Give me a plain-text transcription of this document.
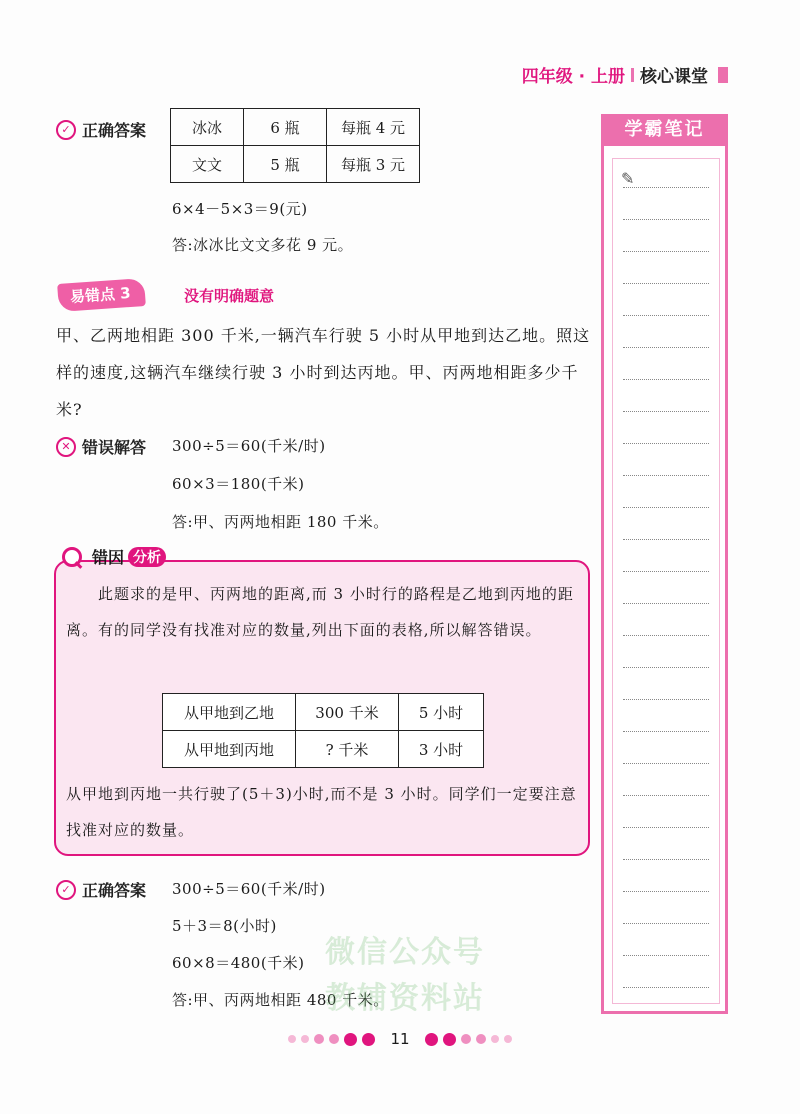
四年级 · 上册 核心课堂
✓ 正确答案	冰冰	6 瓶	每瓶 4 元
文文	5 瓶	每瓶 3 元
6×4－5×3＝9(元)
答:冰冰比文文多花 9 元。
易错点 3	没有明确题意
甲、乙两地相距 300 千米,一辆汽车行驶 5 小时从甲地到达乙地。照这样的速度,这辆汽车继续行驶 3 小时到达丙地。甲、丙两地相距多少千米?
✕ 错误解答 300÷5＝60(千米/时)
60×3＝180(千米)
答:甲、丙两地相距 180 千米。
错因 分析
此题求的是甲、丙两地的距离,而 3 小时行的路程是乙地到丙地的距离。有的同学没有找准对应的数量,列出下面的表格,所以解答错误。
从甲地到乙地	300 千米	5 小时
从甲地到丙地	? 千米	3 小时
从甲地到丙地一共行驶了(5＋3)小时,而不是 3 小时。同学们一定要注意找准对应的数量。
✓ 正确答案 300÷5＝60(千米/时)
5＋3＝8(小时)
60×8＝480(千米)
答:甲、丙两地相距 480 千米。
微信公众号
教辅资料站
学霸笔记
✎
11
